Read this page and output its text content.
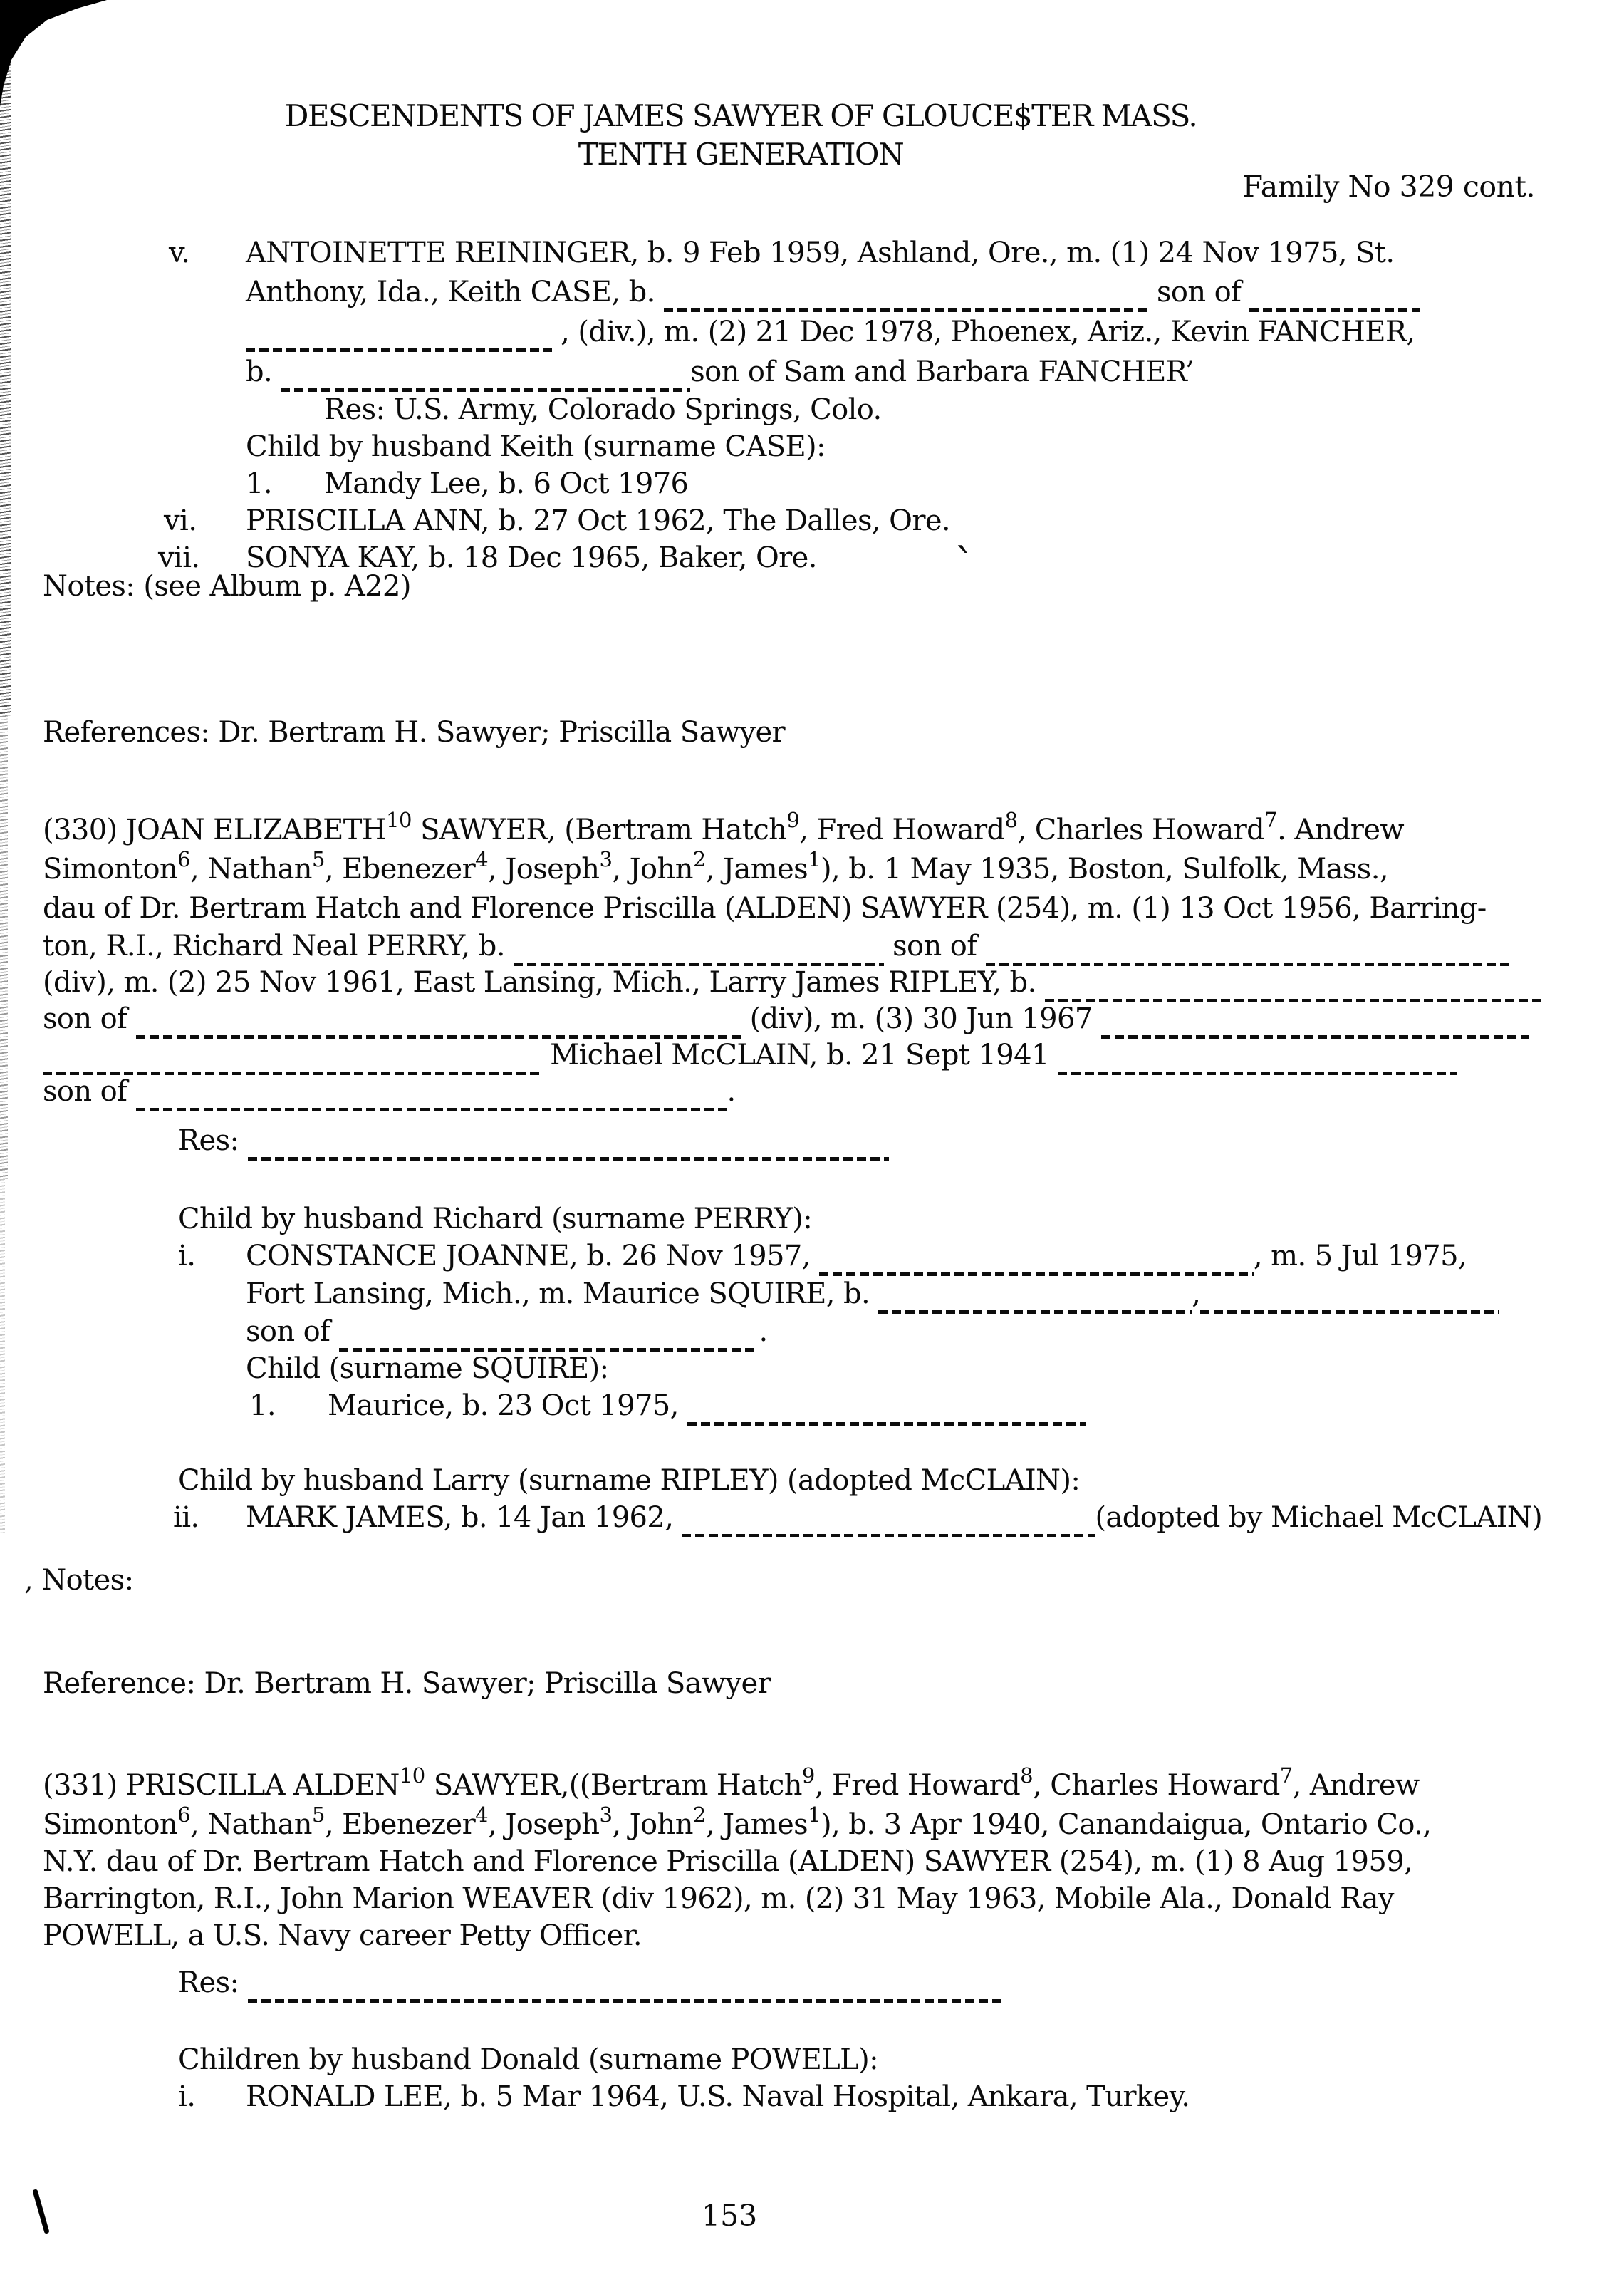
DESCENDENTS OF JAMES SAWYER OF GLOUCE$TER MASS.
TENTH GENERATION
Family No 329 cont.
v. ANTOINETTE REININGER, b. 9 Feb 1959, Ashland, Ore., m. (1) 24 Nov 1975, St.
Anthony, Ida., Keith CASE, b.	son of
, (div.), m. (2) 21 Dec 1978, Phoenex, Ariz., Kevin FANCHER,
b.	son of Sam and Barbara FANCHER’
Res: U.S. Army, Colorado Springs, Colo.
Child by husband Keith (surname CASE):
1. Mandy Lee, b. 6 Oct 1976
vi. PRISCILLA ANN, b. 27 Oct 1962, The Dalles, Ore.
vii. SONYA KAY, b. 18 Dec 1965, Baker, Ore.
Notes: (see Album p. A22)
References: Dr. Bertram H. Sawyer; Priscilla Sawyer
(330) JOAN ELIZABETH$^{10}$ SAWYER, (Bertram Hatch$^9$, Fred Howard$^8$, Charles Howard$^7$. Andrew
Simonton$^6$, Nathan$^5$, Ebenezer$^4$, Joseph$^3$, John$^2$, James$^1$), b. 1 May 1935, Boston, Sulfolk, Mass.,
dau of Dr. Bertram Hatch and Florence Priscilla (ALDEN) SAWYER (254), m. (1) 13 Oct 1956, Barring-
ton, R.I., Richard Neal PERRY, b.	son of
(div), m. (2) 25 Nov 1961, East Lansing, Mich., Larry James RIPLEY, b.
son of	(div), m. (3) 30 Jun 1967
Michael McCLAIN, b. 21 Sept 1941
son of	.
Res:
Child by husband Richard (surname PERRY):
i. CONSTANCE JOANNE, b. 26 Nov 1957,	, m. 5 Jul 1975,
Fort Lansing, Mich., m. Maurice SQUIRE, b.	,
son of	.
Child (surname SQUIRE):
1. Maurice, b. 23 Oct 1975,
Child by husband Larry (surname RIPLEY) (adopted McCLAIN):
ii. MARK JAMES, b. 14 Jan 1962,	(adopted by Michael McCLAIN)
, Notes:
Reference: Dr. Bertram H. Sawyer; Priscilla Sawyer
(331) PRISCILLA ALDEN$^{10}$ SAWYER,((Bertram Hatch$^9$, Fred Howard$^8$, Charles Howard$^7$, Andrew
Simonton$^6$, Nathan$^5$, Ebenezer$^4$, Joseph$^3$, John$^2$, James$^1$), b. 3 Apr 1940, Canandaigua, Ontario Co.,
N.Y. dau of Dr. Bertram Hatch and Florence Priscilla (ALDEN) SAWYER (254), m. (1) 8 Aug 1959,
Barrington, R.I., John Marion WEAVER (div 1962), m. (2) 31 May 1963, Mobile Ala., Donald Ray
POWELL, a U.S. Navy career Petty Officer.
Res:
Children by husband Donald (surname POWELL):
i. RONALD LEE, b. 5 Mar 1964, U.S. Naval Hospital, Ankara, Turkey.
153
`
